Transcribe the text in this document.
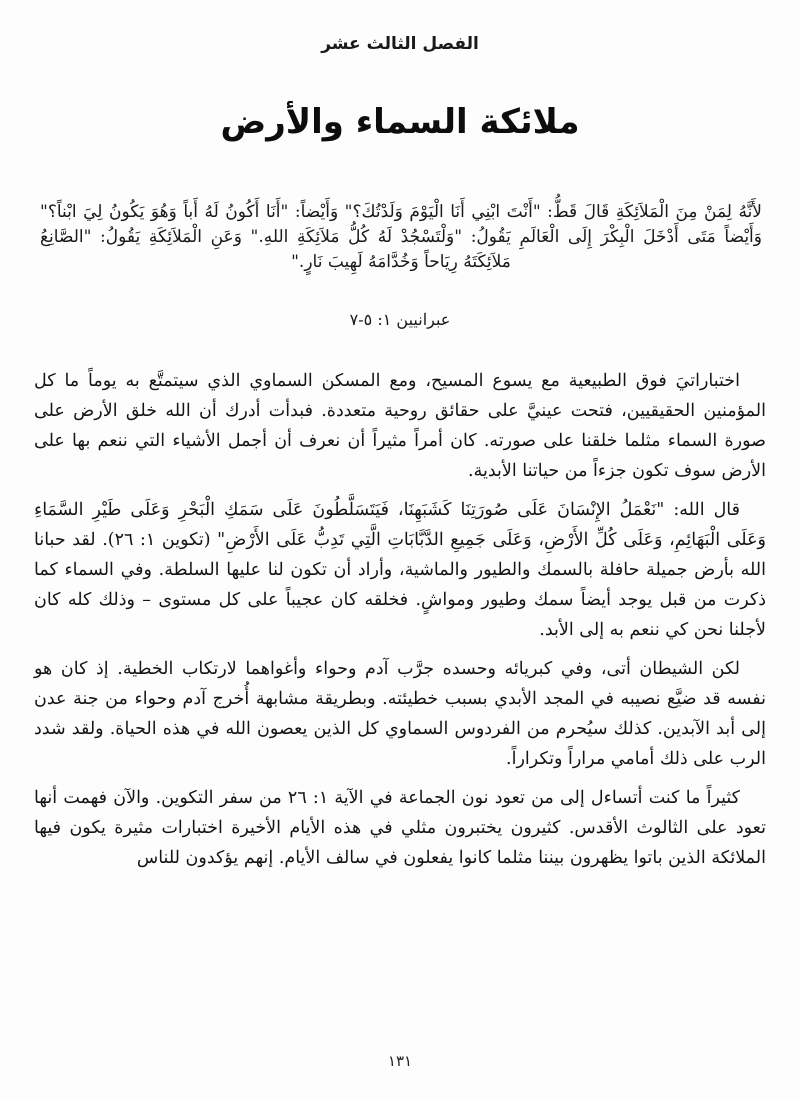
الفصل الثالث عشر
ملائكة السماء والأرض
لأَنَّهُ لِمَنْ مِنَ الْمَلاَئِكَةِ قَالَ قَطُّ: "أَنْتَ ابْنِي أَنَا الْيَوْمَ وَلَدْتُكَ؟" وَأَيْضاً: "أَنَا أَكُونُ لَهُ أَباً وَهُوَ يَكُونُ لِيَ ابْناً؟" وَأَيْضاً مَتَى أَدْخَلَ الْبِكْرَ إِلَى الْعَالَمِ يَقُولُ: "وَلْتَسْجُدْ لَهُ كُلُّ مَلاَئِكَةِ اللهِ." وَعَنِ الْمَلاَئِكَةِ يَقُولُ: "الصَّانِعُ مَلاَئِكَتَهُ رِيَاحاً وَخُدَّامَهُ لَهِيبَ نَارٍ."
عبرانيين ١: ٥-٧

اختباراتيَ فوق الطبيعية مع يسوع المسيح، ومع المسكن السماوي الذي سيتمتَّع به يوماً ما كل المؤمنين الحقيقيين، فتحت عينيَّ على حقائق روحية متعددة. فبدأت أدرك أن الله خلق الأرض على صورة السماء مثلما خلقنا على صورته. كان أمراً مثيراً أن نعرف أن أجمل الأشياء التي ننعم بها على الأرض سوف تكون جزءاً من حياتنا الأبدية.

قال الله: "نَعْمَلُ الإِنْسَانَ عَلَى صُورَتِنَا كَشَبَهِنَا، فَيَتَسَلَّطُونَ عَلَى سَمَكِ الْبَحْرِ وَعَلَى طَيْرِ السَّمَاءِ وَعَلَى الْبَهَائِمِ، وَعَلَى كُلِّ الأَرْضِ، وَعَلَى جَمِيعِ الدَّبَّابَاتِ الَّتِي تَدِبُّ عَلَى الأَرْضِ" (تكوين ١: ٢٦). لقد حبانا الله بأرض جميلة حافلة بالسمك والطيور والماشية، وأراد أن تكون لنا عليها السلطة. وفي السماء كما ذكرت من قبل يوجد أيضاً سمك وطيور ومواشٍ. فخلقه كان عجيباً على كل مستوى – وذلك كله كان لأجلنا نحن كي ننعم به إلى الأبد.

لكن الشيطان أتى، وفي كبريائه وحسده جرَّب آدم وحواء وأغواهما لارتكاب الخطية. إذ كان هو نفسه قد ضيَّع نصيبه في المجد الأبدي بسبب خطيئته. وبطريقة مشابهة أُخرج آدم وحواء من جنة عدن إلى أبد الآبدين. كذلك سيُحرم من الفردوس السماوي كل الذين يعصون الله في هذه الحياة. ولقد شدد الرب على ذلك أمامي مراراً وتكراراً.

كثيراً ما كنت أتساءل إلى من تعود نون الجماعة في الآية ١: ٢٦ من سفر التكوين. والآن فهمت أنها تعود على الثالوث الأقدس. كثيرون يختبرون مثلي في هذه الأيام الأخيرة اختبارات مثيرة يكون فيها الملائكة الذين باتوا يظهرون بيننا مثلما كانوا يفعلون في سالف الأيام. إنهم يؤكدون للناس

١٣١
